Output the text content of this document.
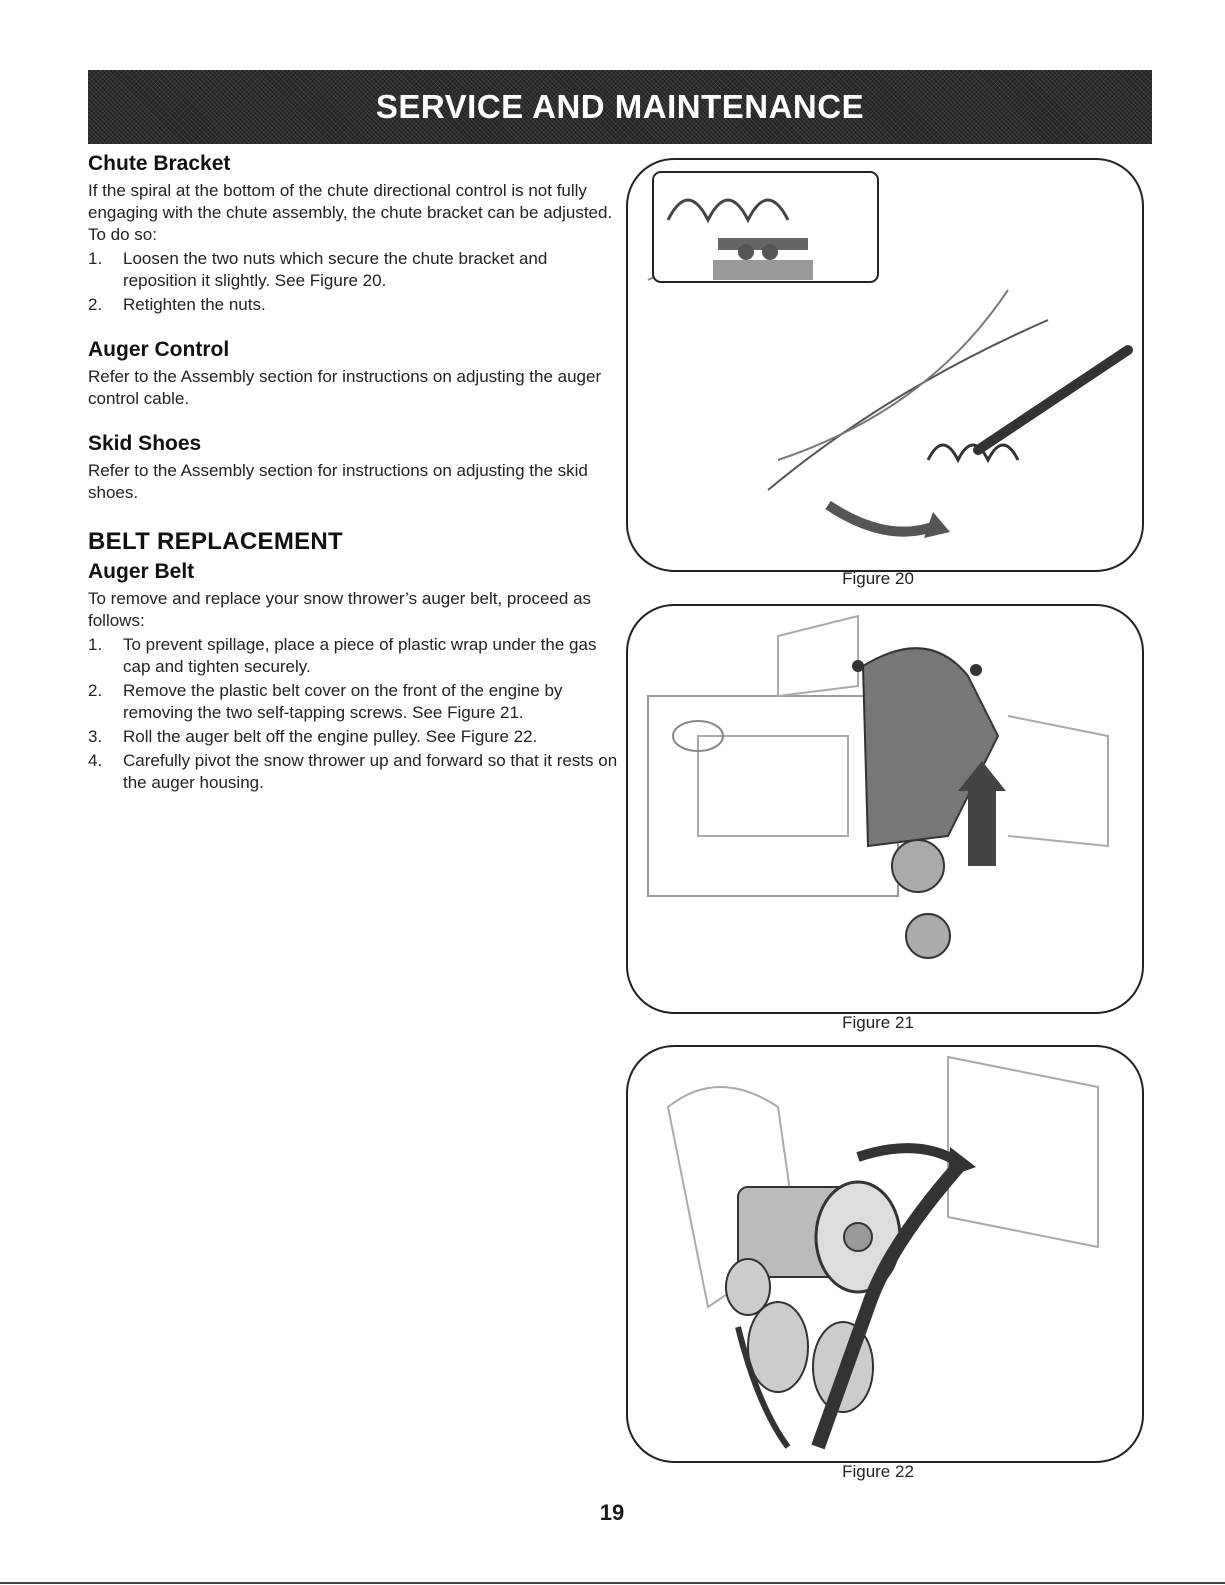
SERVICE AND MAINTENANCE
Chute Bracket

If the spiral at the bottom of the chute directional control is not fully engaging with the chute assembly, the chute bracket can be adjusted. To do so:

1.	Loosen the two nuts which secure the chute bracket and reposition it slightly. See Figure 20.
2.	Retighten the nuts.
Auger Control

Refer to the Assembly section for instructions on adjusting the auger control cable.

Skid Shoes

Refer to the Assembly section for instructions on adjusting the skid shoes.

BELT REPLACEMENT
Auger Belt

To remove and replace your snow thrower’s auger belt, proceed as follows:

1.	To prevent spillage, place a piece of plastic wrap under the gas cap and tighten securely.
2.	Remove the plastic belt cover on the front of the engine by removing the two self-tapping screws. See Figure 21.
3.	Roll the auger belt off the engine pulley. See Figure 22.
4.	Carefully pivot the snow thrower up and forward so that it rests on the auger housing.
Figure 20
Figure 21
Figure 22
19
